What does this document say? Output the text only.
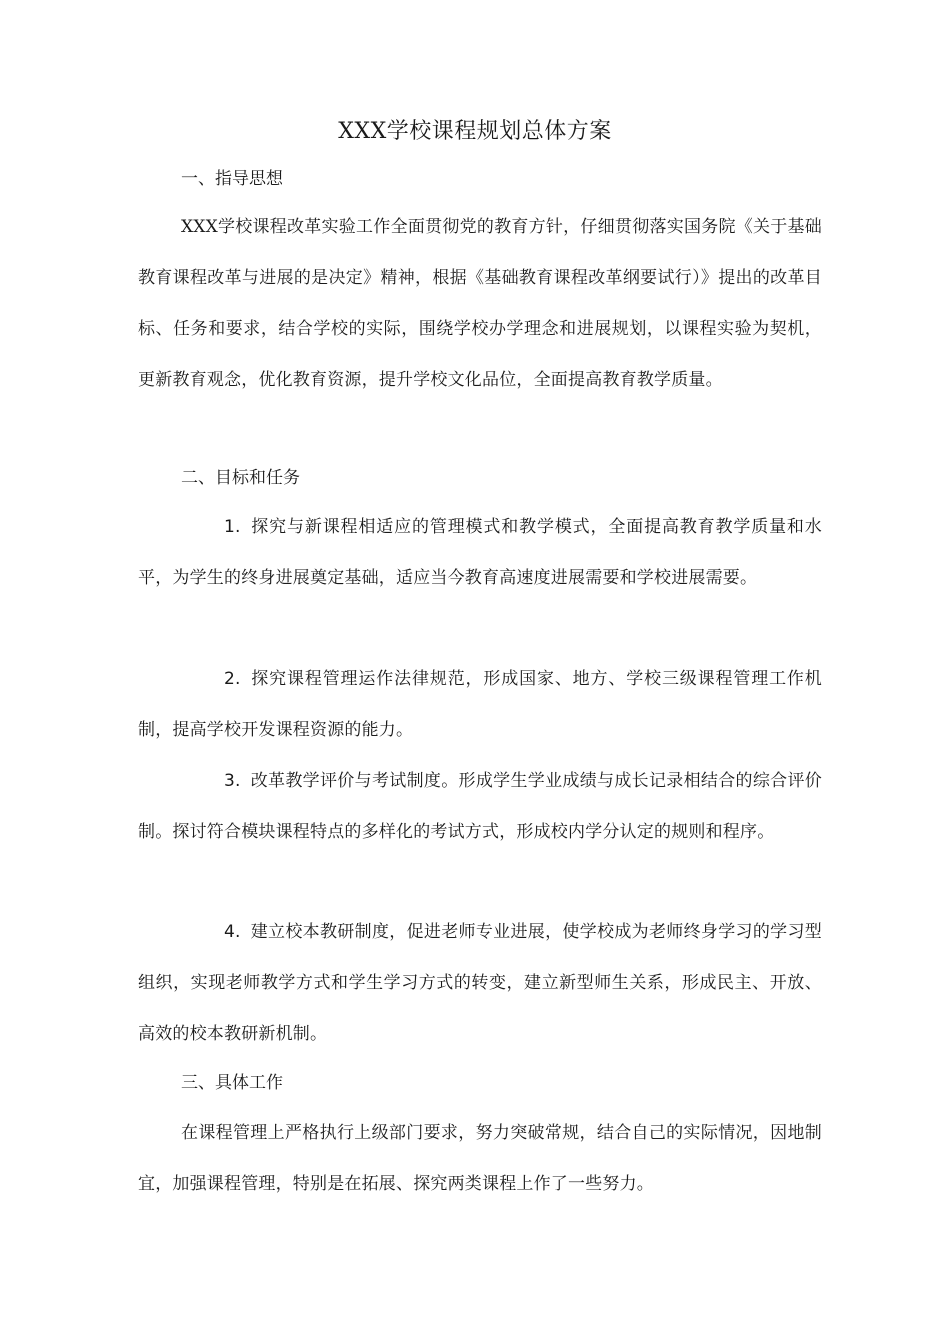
XXX学校课程规划总体方案
一、指导思想

XXX学校课程改革实验工作全面贯彻党的教育方针，仔细贯彻落实国务院《关于基础教育课程改革与进展的是决定》精神，根据《基础教育课程改革纲要试行）》提出的改革目标、任务和要求，结合学校的实际，围绕学校办学理念和进展规划，以课程实验为契机，更新教育观念，优化教育资源，提升学校文化品位，全面提高教育教学质量。

二、目标和任务

1. 探究与新课程相适应的管理模式和教学模式，全面提高教育教学质量和水平，为学生的终身进展奠定基础，适应当今教育高速度进展需要和学校进展需要。

2. 探究课程管理运作法律规范，形成国家、地方、学校三级课程管理工作机制，提高学校开发课程资源的能力。

3. 改革教学评价与考试制度。形成学生学业成绩与成长记录相结合的综合评价制。探讨符合模块课程特点的多样化的考试方式，形成校内学分认定的规则和程序。

4. 建立校本教研制度，促进老师专业进展，使学校成为老师终身学习的学习型组织，实现老师教学方式和学生学习方式的转变，建立新型师生关系，形成民主、开放、高效的校本教研新机制。

三、具体工作

在课程管理上严格执行上级部门要求，努力突破常规，结合自己的实际情况，因地制宜，加强课程管理，特别是在拓展、探究两类课程上作了一些努力。
